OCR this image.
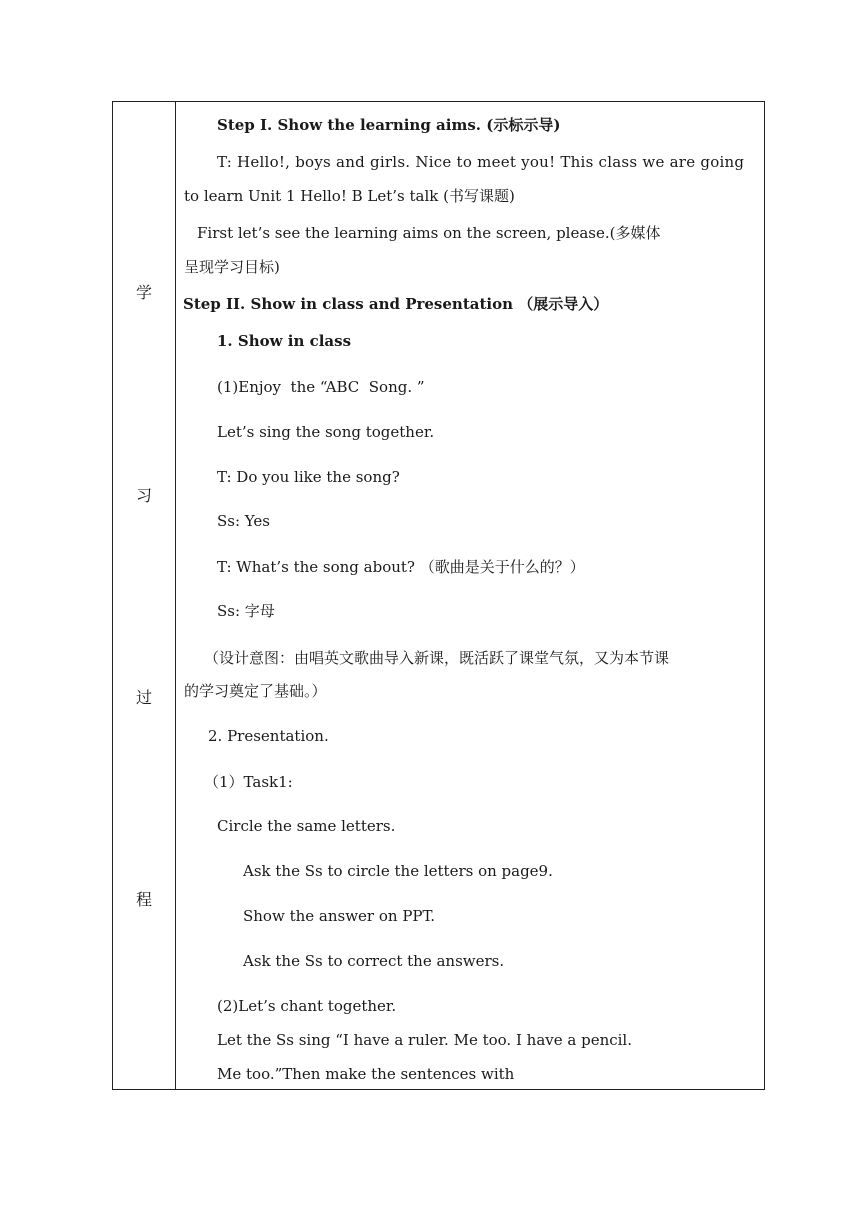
学
习
过
程
Step I. Show the learning aims. (示标示导)
T: Hello!, boys and girls. Nice to meet you! This class we are going
to learn Unit 1 Hello! B Let’s talk (书写课题)
First let’s see the learning aims on the screen, please.(多媒体
呈现学习目标)
Step II. Show in class and Presentation （展示导入）
1. Show in class
(1)Enjoy  the “ABC  Song. ”
Let’s sing the song together.
T: Do you like the song?
Ss: Yes
T: What’s the song about? （歌曲是关于什么的？）
Ss: 字母
（设计意图：由唱英文歌曲导入新课，既活跃了课堂气氛，又为本节课
的学习奠定了基础。）
2. Presentation.
（1）Task1:
Circle the same letters.
Ask the Ss to circle the letters on page9.
Show the answer on PPT.
Ask the Ss to correct the answers.
(2)Let’s chant together.
Let the Ss sing “I have a ruler. Me too. I have a pencil.
Me too.”Then make the sentences with
